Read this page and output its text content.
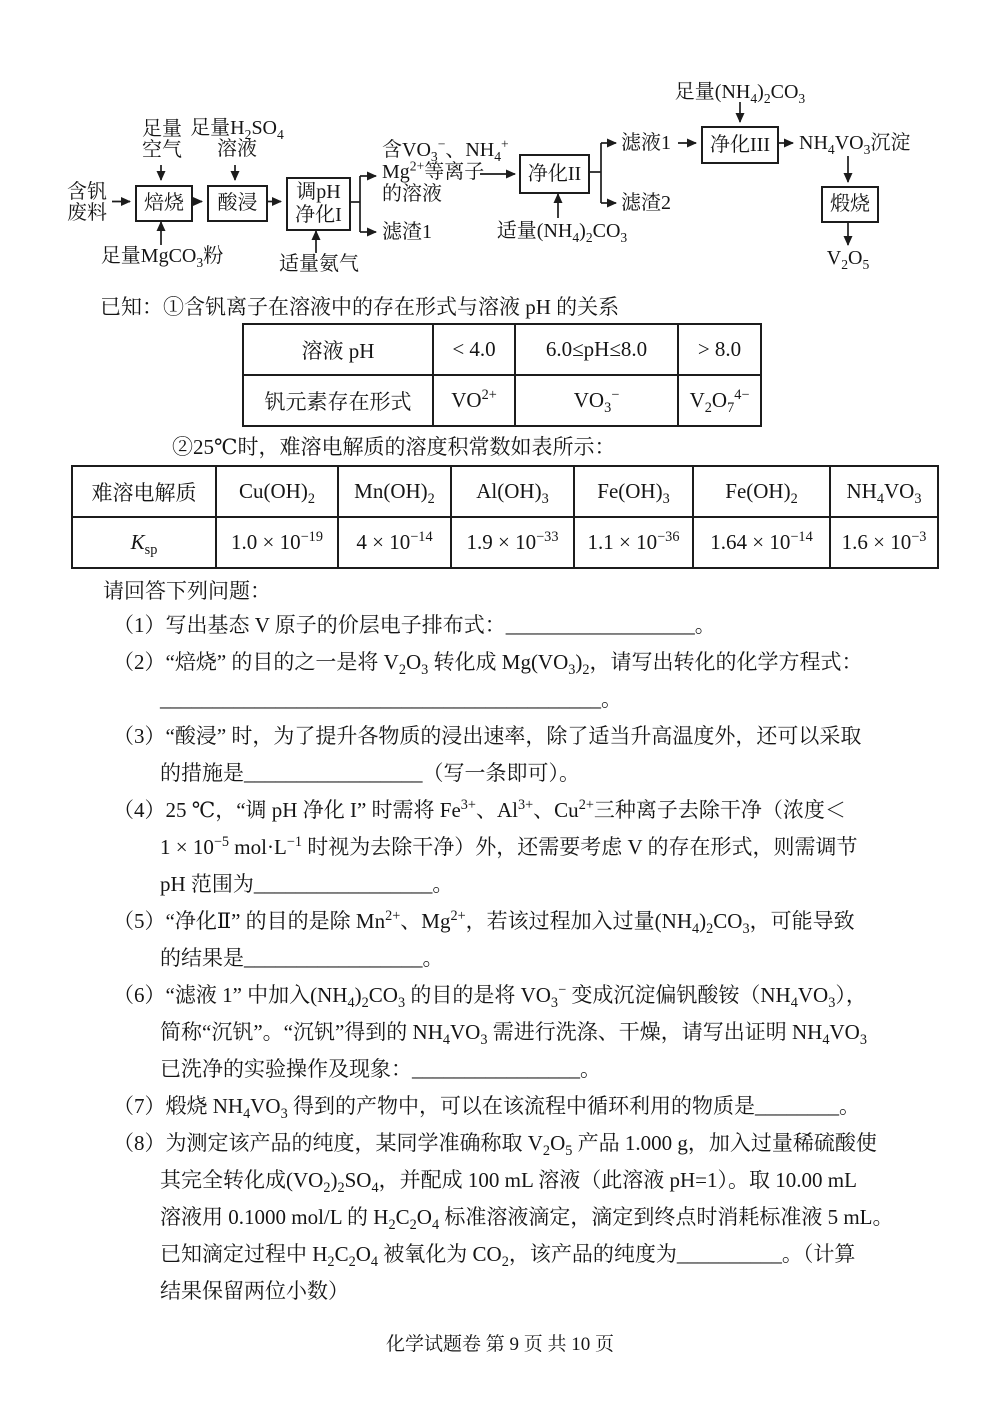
含钒
废料	焙烧
足量
空气
足量MgCO$_3$粉
酸浸
足量$H_2SO_4$
溶液
调pH
净化I
适量氨气
含$VO_3^-$、$NH_4^+$
$Mg^{2+}$等离子
的溶液
滤渣1
净化II
适量$(NH_4)_2CO_3$
滤液1
滤渣2
净化III
足量$(NH_4)_2CO_3$
$NH_4VO_3$沉淀
煅烧
$V_2O_5$
已知：①含钒离子在溶液中的存在形式与溶液 pH 的关系
溶液 pH	< 4.0	6.0≤pH≤8.0	> 8.0
钒元素存在形式	$VO^{2+}$	$VO_3^-$	$V_2O_7^{4-}$
②25℃时，难溶电解质的溶度积常数如表所示：
难溶电解质	$Cu(OH)_2$	$Mn(OH)_2$	$Al(OH)_3$	$Fe(OH)_3$	$Fe(OH)_2$	$NH_4VO_3$
$K_{sp}$	$1.0 \times 10^{-19}$	$4 \times 10^{-14}$	$1.9 \times 10^{-33}$	$1.1 \times 10^{-36}$	$1.64 \times 10^{-14}$	$1.6 \times 10^{-3}$
请回答下列问题：
（1）写出基态 V 原子的价层电子排布式：__________________。
（2）“焙烧” 的目的之一是将 $V_2O_3$ 转化成 $Mg(VO_3)_2$，请写出转化的化学方程式：
__________________________________________。
（3）“酸浸” 时，为了提升各物质的浸出速率，除了适当升高温度外，还可以采取
的措施是_________________（写一条即可）。
（4）25 ℃，“调 pH 净化 I” 时需将 $Fe^{3+}$、$Al^{3+}$、$Cu^{2+}$三种离子去除干净（浓度＜
$1 \times 10^{-5}$ $mol\cdot L^{-1}$ 时视为去除干净）外，还需要考虑 V 的存在形式，则需调节
pH 范围为_________________。
（5）“净化Ⅱ” 的目的是除 $Mn^{2+}$、$Mg^{2+}$，若该过程加入过量$(NH_4)_2CO_3$，可能导致
的结果是_________________。
（6）“滤液 1” 中加入$(NH_4)_2CO_3$ 的目的是将 $VO_3^-$ 变成沉淀偏钒酸铵$(NH_4VO_3)$，
简称“沉钒”。“沉钒”得到的 $NH_4VO_3$ 需进行洗涤、干燥，请写出证明 $NH_4VO_3$
已洗净的实验操作及现象：________________。
（7）煅烧 $NH_4VO_3$ 得到的产物中，可以在该流程中循环利用的物质是________。
（8）为测定该产品的纯度，某同学准确称取 $V_2O_5$ 产品 1.000 g，加入过量稀硫酸使
其完全转化成$(VO_2)_2SO_4$，并配成 100 mL 溶液（此溶液 pH=1）。取 10.00 mL
溶液用 0.1000 mol/L 的 $H_2C_2O_4$ 标准溶液滴定，滴定到终点时消耗标准液 5 mL。
已知滴定过程中 $H_2C_2O_4$ 被氧化为 $CO_2$，该产品的纯度为__________。（计算
结果保留两位小数）
化学试题卷 第 9 页 共 10 页
